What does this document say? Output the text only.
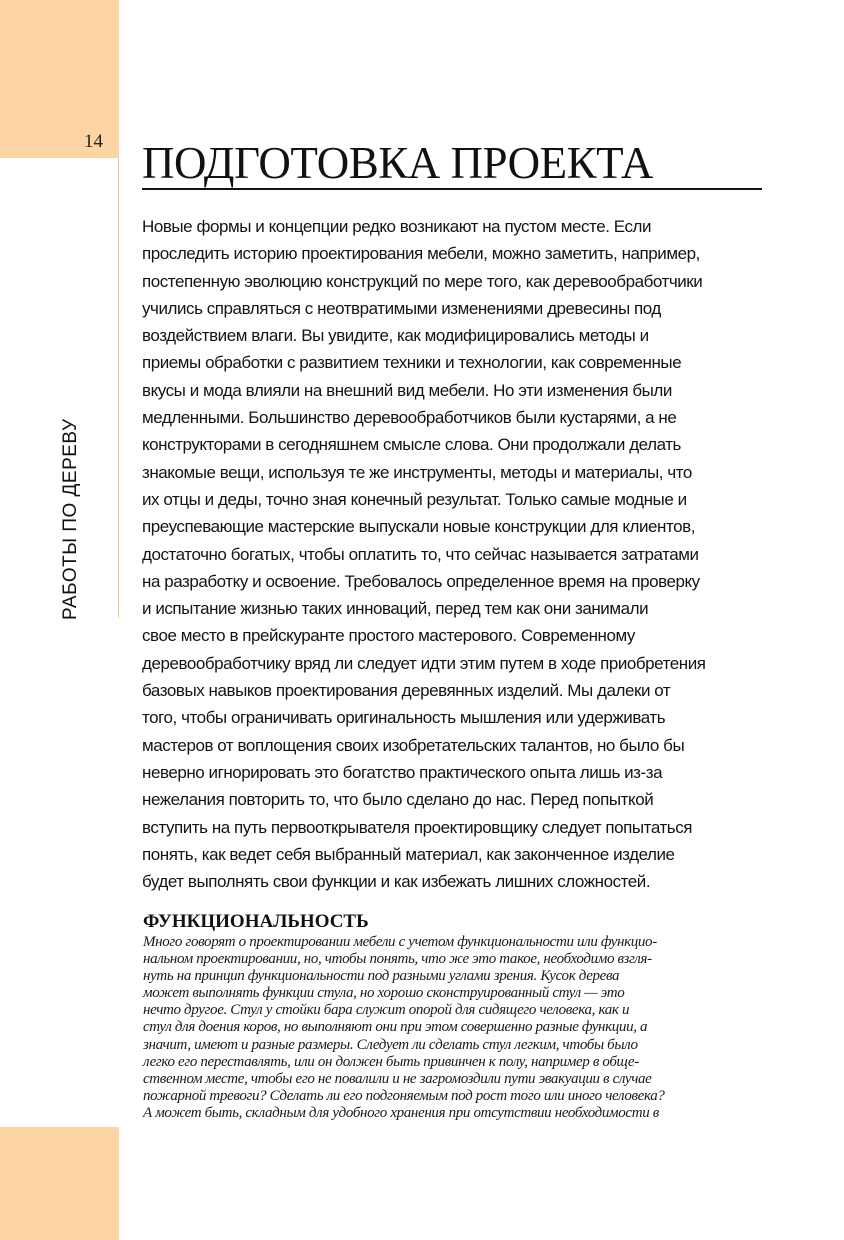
14
РАБОТЫ ПО ДЕРЕВУ
ПОДГОТОВКА ПРОЕКТА
Новые формы и концепции редко возникают на пустом месте. Если
проследить историю проектирования мебели, можно заметить, например,
постепенную эволюцию конструкций по мере того, как деревообработчики
учились справляться с неотвратимыми изменениями древесины под
воздействием влаги. Вы увидите, как модифицировались методы и
приемы обработки с развитием техники и технологии, как современные
вкусы и мода влияли на внешний вид мебели. Но эти изменения были
медленными. Большинство деревообработчиков были кустарями, а не
конструкторами в сегодняшнем смысле слова. Они продолжали делать
знакомые вещи, используя те же инструменты, методы и материалы, что
их отцы и деды, точно зная конечный результат. Только самые модные и
преуспевающие мастерские выпускали новые конструкции для клиентов,
достаточно богатых, чтобы оплатить то, что сейчас называется затратами
на разработку и освоение. Требовалось определенное время на проверку
и испытание жизнью таких инноваций, перед тем как они занимали
свое место в прейскуранте простого мастерового. Современному
деревообработчику вряд ли следует идти этим путем в ходе приобретения
базовых навыков проектирования деревянных изделий. Мы далеки от
того, чтобы ограничивать оригинальность мышления или удерживать
мастеров от воплощения своих изобретательских талантов, но было бы
неверно игнорировать это богатство практического опыта лишь из-за
нежелания повторить то, что было сделано до нас. Перед попыткой
вступить на путь первооткрывателя проектировщику следует попытаться
понять, как ведет себя выбранный материал, как законченное изделие
будет выполнять свои функции и как избежать лишних сложностей.
ФУНКЦИОНАЛЬНОСТЬ
Много говорят о проектировании мебели с учетом функциональности или функцио-
нальном проектировании, но, чтобы понять, что же это такое, необходимо взгля-
нуть на принцип функциональности под разными углами зрения. Кусок дерева
может выполнять функции стула, но хорошо сконструированный стул — это
нечто другое. Стул у стойки бара служит опорой для сидящего человека, как и
стул для доения коров, но выполняют они при этом совершенно разные функции, а
значит, имеют и разные размеры. Следует ли сделать стул легким, чтобы было
легко его переставлять, или он должен быть привинчен к полу, например в обще-
ственном месте, чтобы его не повалили и не загромоздили пути эвакуации в случае
пожарной тревоги? Сделать ли его подгоняемым под рост того или иного человека?
А может быть, складным для удобного хранения при отсутствии необходимости в
